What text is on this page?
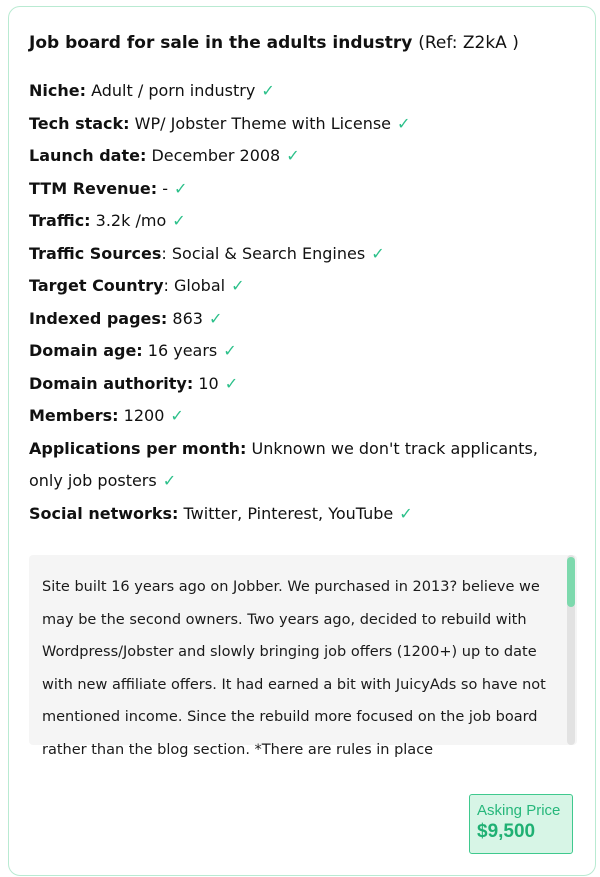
Job board for sale in the adults industry (Ref: Z2kA )
Niche: Adult / porn industry ✓
Tech stack: WP/ Jobster Theme with License ✓
Launch date: December 2008 ✓
TTM Revenue: - ✓
Traffic: 3.2k /mo ✓
Traffic Sources: Social & Search Engines ✓
Target Country: Global ✓
Indexed pages: 863 ✓
Domain age: 16 years ✓
Domain authority: 10 ✓
Members: 1200 ✓
Applications per month: Unknown we don't track applicants, only job posters ✓
Social networks: Twitter, Pinterest, YouTube ✓
Site built 16 years ago on Jobber. We purchased in 2013? believe we may be the second owners. Two years ago, decided to rebuild with Wordpress/Jobster and slowly bringing job offers (1200+) up to date with new affiliate offers. It had earned a bit with JuicyAds so have not mentioned income. Since the rebuild more focused on the job board rather than the blog section. *There are rules in place
Asking Price
$9,500
